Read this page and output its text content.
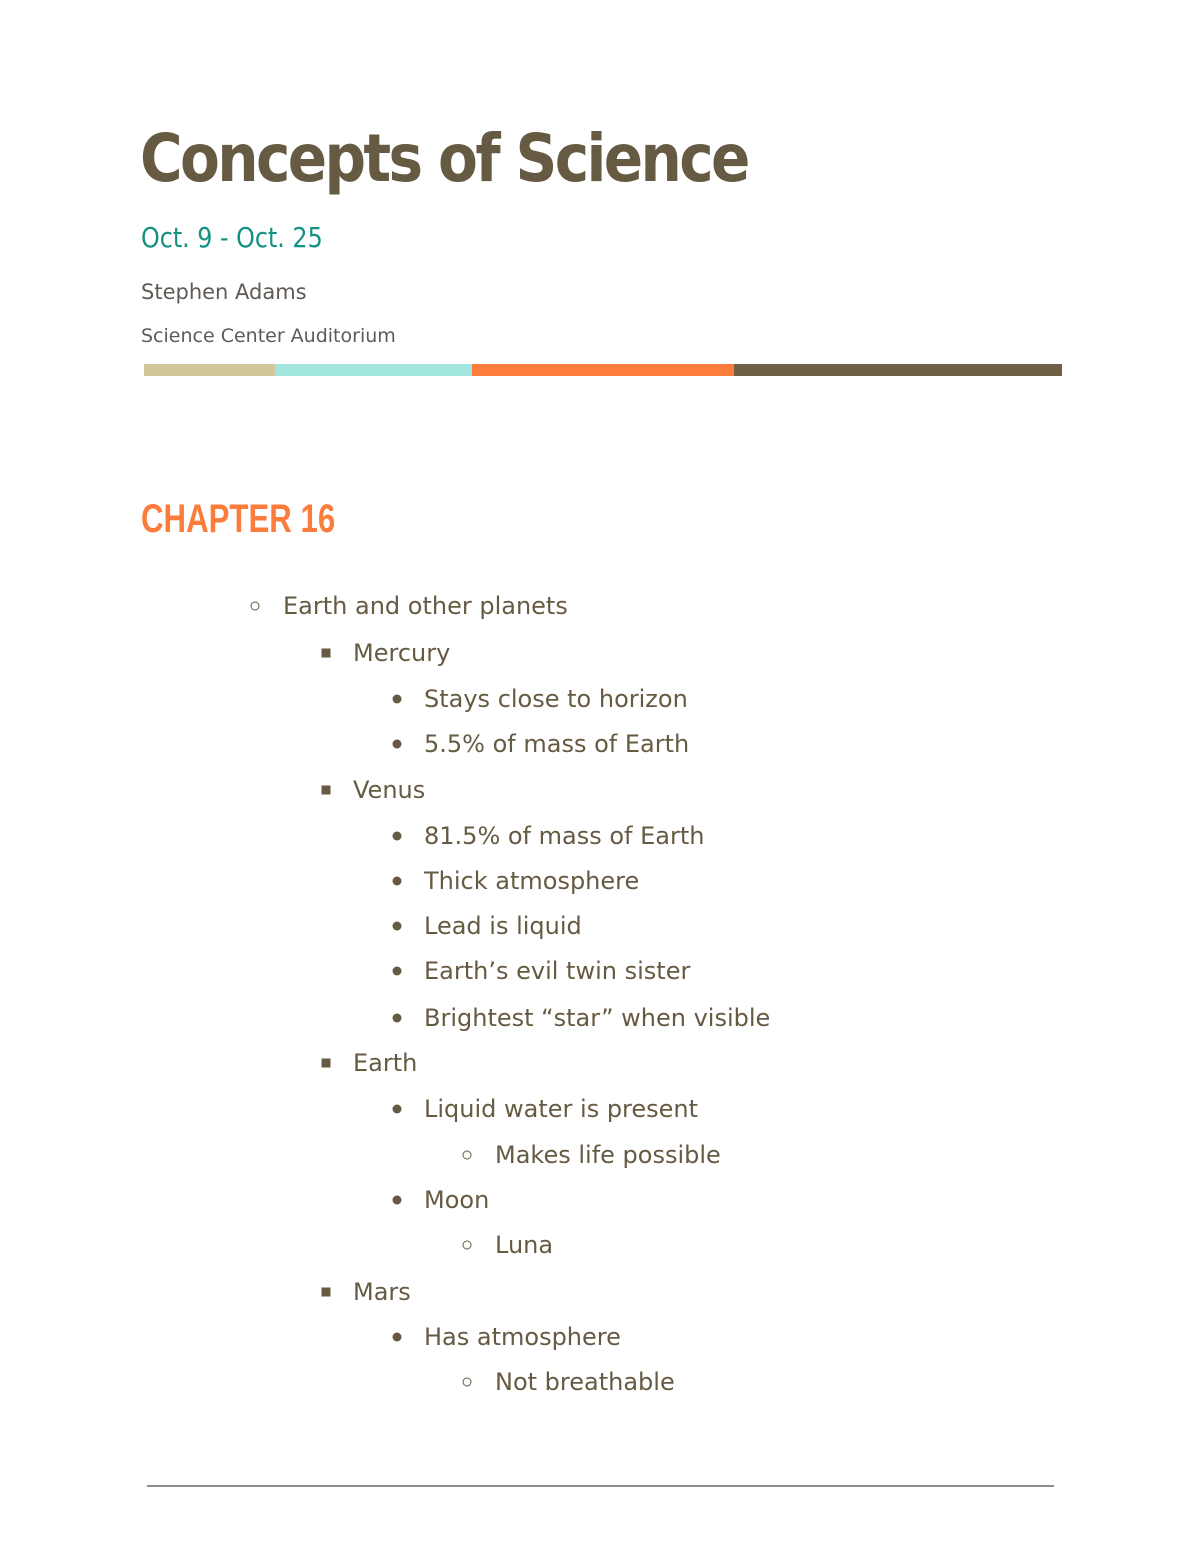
Concepts of Science
Oct. 9 - Oct. 25
Stephen Adams
Science Center Auditorium
CHAPTER 16
Earth and other planets
Mercury
Stays close to horizon
5.5% of mass of Earth
Venus
81.5% of mass of Earth
Thick atmosphere
Lead is liquid
Earth’s evil twin sister
Brightest “star” when visible
Earth
Liquid water is present
Makes life possible
Moon
Luna
Mars
Has atmosphere
Not breathable
